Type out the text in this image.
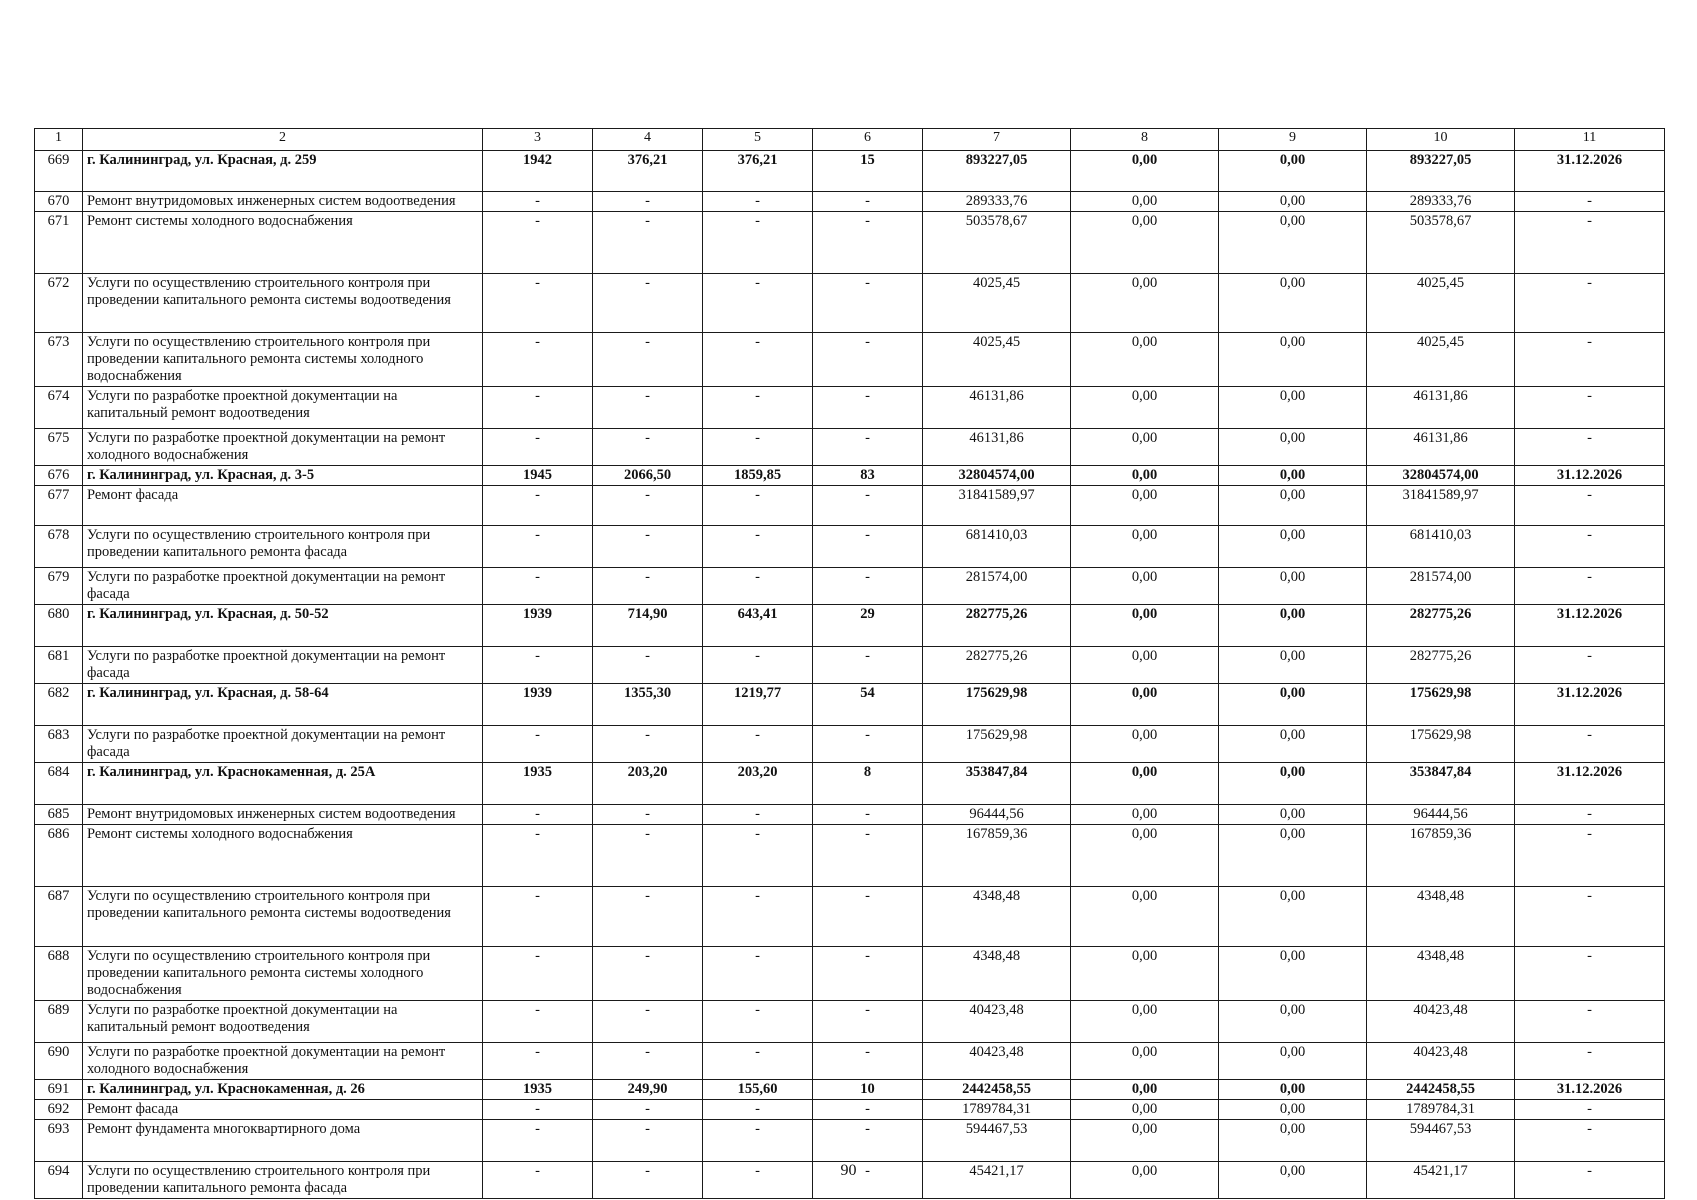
1	2	3	4	5	6	7	8	9	10	11
669	г. Калининград, ул. Красная, д. 259	1942	376,21	376,21	15	893227,05	0,00	0,00	893227,05	31.12.2026
670	Ремонт внутридомовых инженерных систем водоотведения	-	-	-	-	289333,76	0,00	0,00	289333,76	-
671	Ремонт системы холодного водоснабжения	-	-	-	-	503578,67	0,00	0,00	503578,67	-
672	Услуги по осуществлению строительного контроля при проведении капитального ремонта системы водоотведения	-	-	-	-	4025,45	0,00	0,00	4025,45	-
673	Услуги по осуществлению строительного контроля при проведении капитального ремонта системы холодного водоснабжения	-	-	-	-	4025,45	0,00	0,00	4025,45	-
674	Услуги по разработке проектной документации на капитальный ремонт водоотведения	-	-	-	-	46131,86	0,00	0,00	46131,86	-
675	Услуги по разработке проектной документации на ремонт холодного водоснабжения	-	-	-	-	46131,86	0,00	0,00	46131,86	-
676	г. Калининград, ул. Красная, д. 3-5	1945	2066,50	1859,85	83	32804574,00	0,00	0,00	32804574,00	31.12.2026
677	Ремонт фасада	-	-	-	-	31841589,97	0,00	0,00	31841589,97	-
678	Услуги по осуществлению строительного контроля при проведении капитального ремонта фасада	-	-	-	-	681410,03	0,00	0,00	681410,03	-
679	Услуги по разработке проектной документации на ремонт фасада	-	-	-	-	281574,00	0,00	0,00	281574,00	-
680	г. Калининград, ул. Красная, д. 50-52	1939	714,90	643,41	29	282775,26	0,00	0,00	282775,26	31.12.2026
681	Услуги по разработке проектной документации на ремонт фасада	-	-	-	-	282775,26	0,00	0,00	282775,26	-
682	г. Калининград, ул. Красная, д. 58-64	1939	1355,30	1219,77	54	175629,98	0,00	0,00	175629,98	31.12.2026
683	Услуги по разработке проектной документации на ремонт фасада	-	-	-	-	175629,98	0,00	0,00	175629,98	-
684	г. Калининград, ул. Краснокаменная, д. 25А	1935	203,20	203,20	8	353847,84	0,00	0,00	353847,84	31.12.2026
685	Ремонт внутридомовых инженерных систем водоотведения	-	-	-	-	96444,56	0,00	0,00	96444,56	-
686	Ремонт системы холодного водоснабжения	-	-	-	-	167859,36	0,00	0,00	167859,36	-
687	Услуги по осуществлению строительного контроля при проведении капитального ремонта системы водоотведения	-	-	-	-	4348,48	0,00	0,00	4348,48	-
688	Услуги по осуществлению строительного контроля при проведении капитального ремонта системы холодного водоснабжения	-	-	-	-	4348,48	0,00	0,00	4348,48	-
689	Услуги по разработке проектной документации на капитальный ремонт водоотведения	-	-	-	-	40423,48	0,00	0,00	40423,48	-
690	Услуги по разработке проектной документации на ремонт холодного водоснабжения	-	-	-	-	40423,48	0,00	0,00	40423,48	-
691	г. Калининград, ул. Краснокаменная, д. 26	1935	249,90	155,60	10	2442458,55	0,00	0,00	2442458,55	31.12.2026
692	Ремонт фасада	-	-	-	-	1789784,31	0,00	0,00	1789784,31	-
693	Ремонт фундамента многоквартирного дома	-	-	-	-	594467,53	0,00	0,00	594467,53	-
694	Услуги по осуществлению строительного контроля при проведении капитального ремонта фасада	-	-	-	-	45421,17	0,00	0,00	45421,17	-
90
